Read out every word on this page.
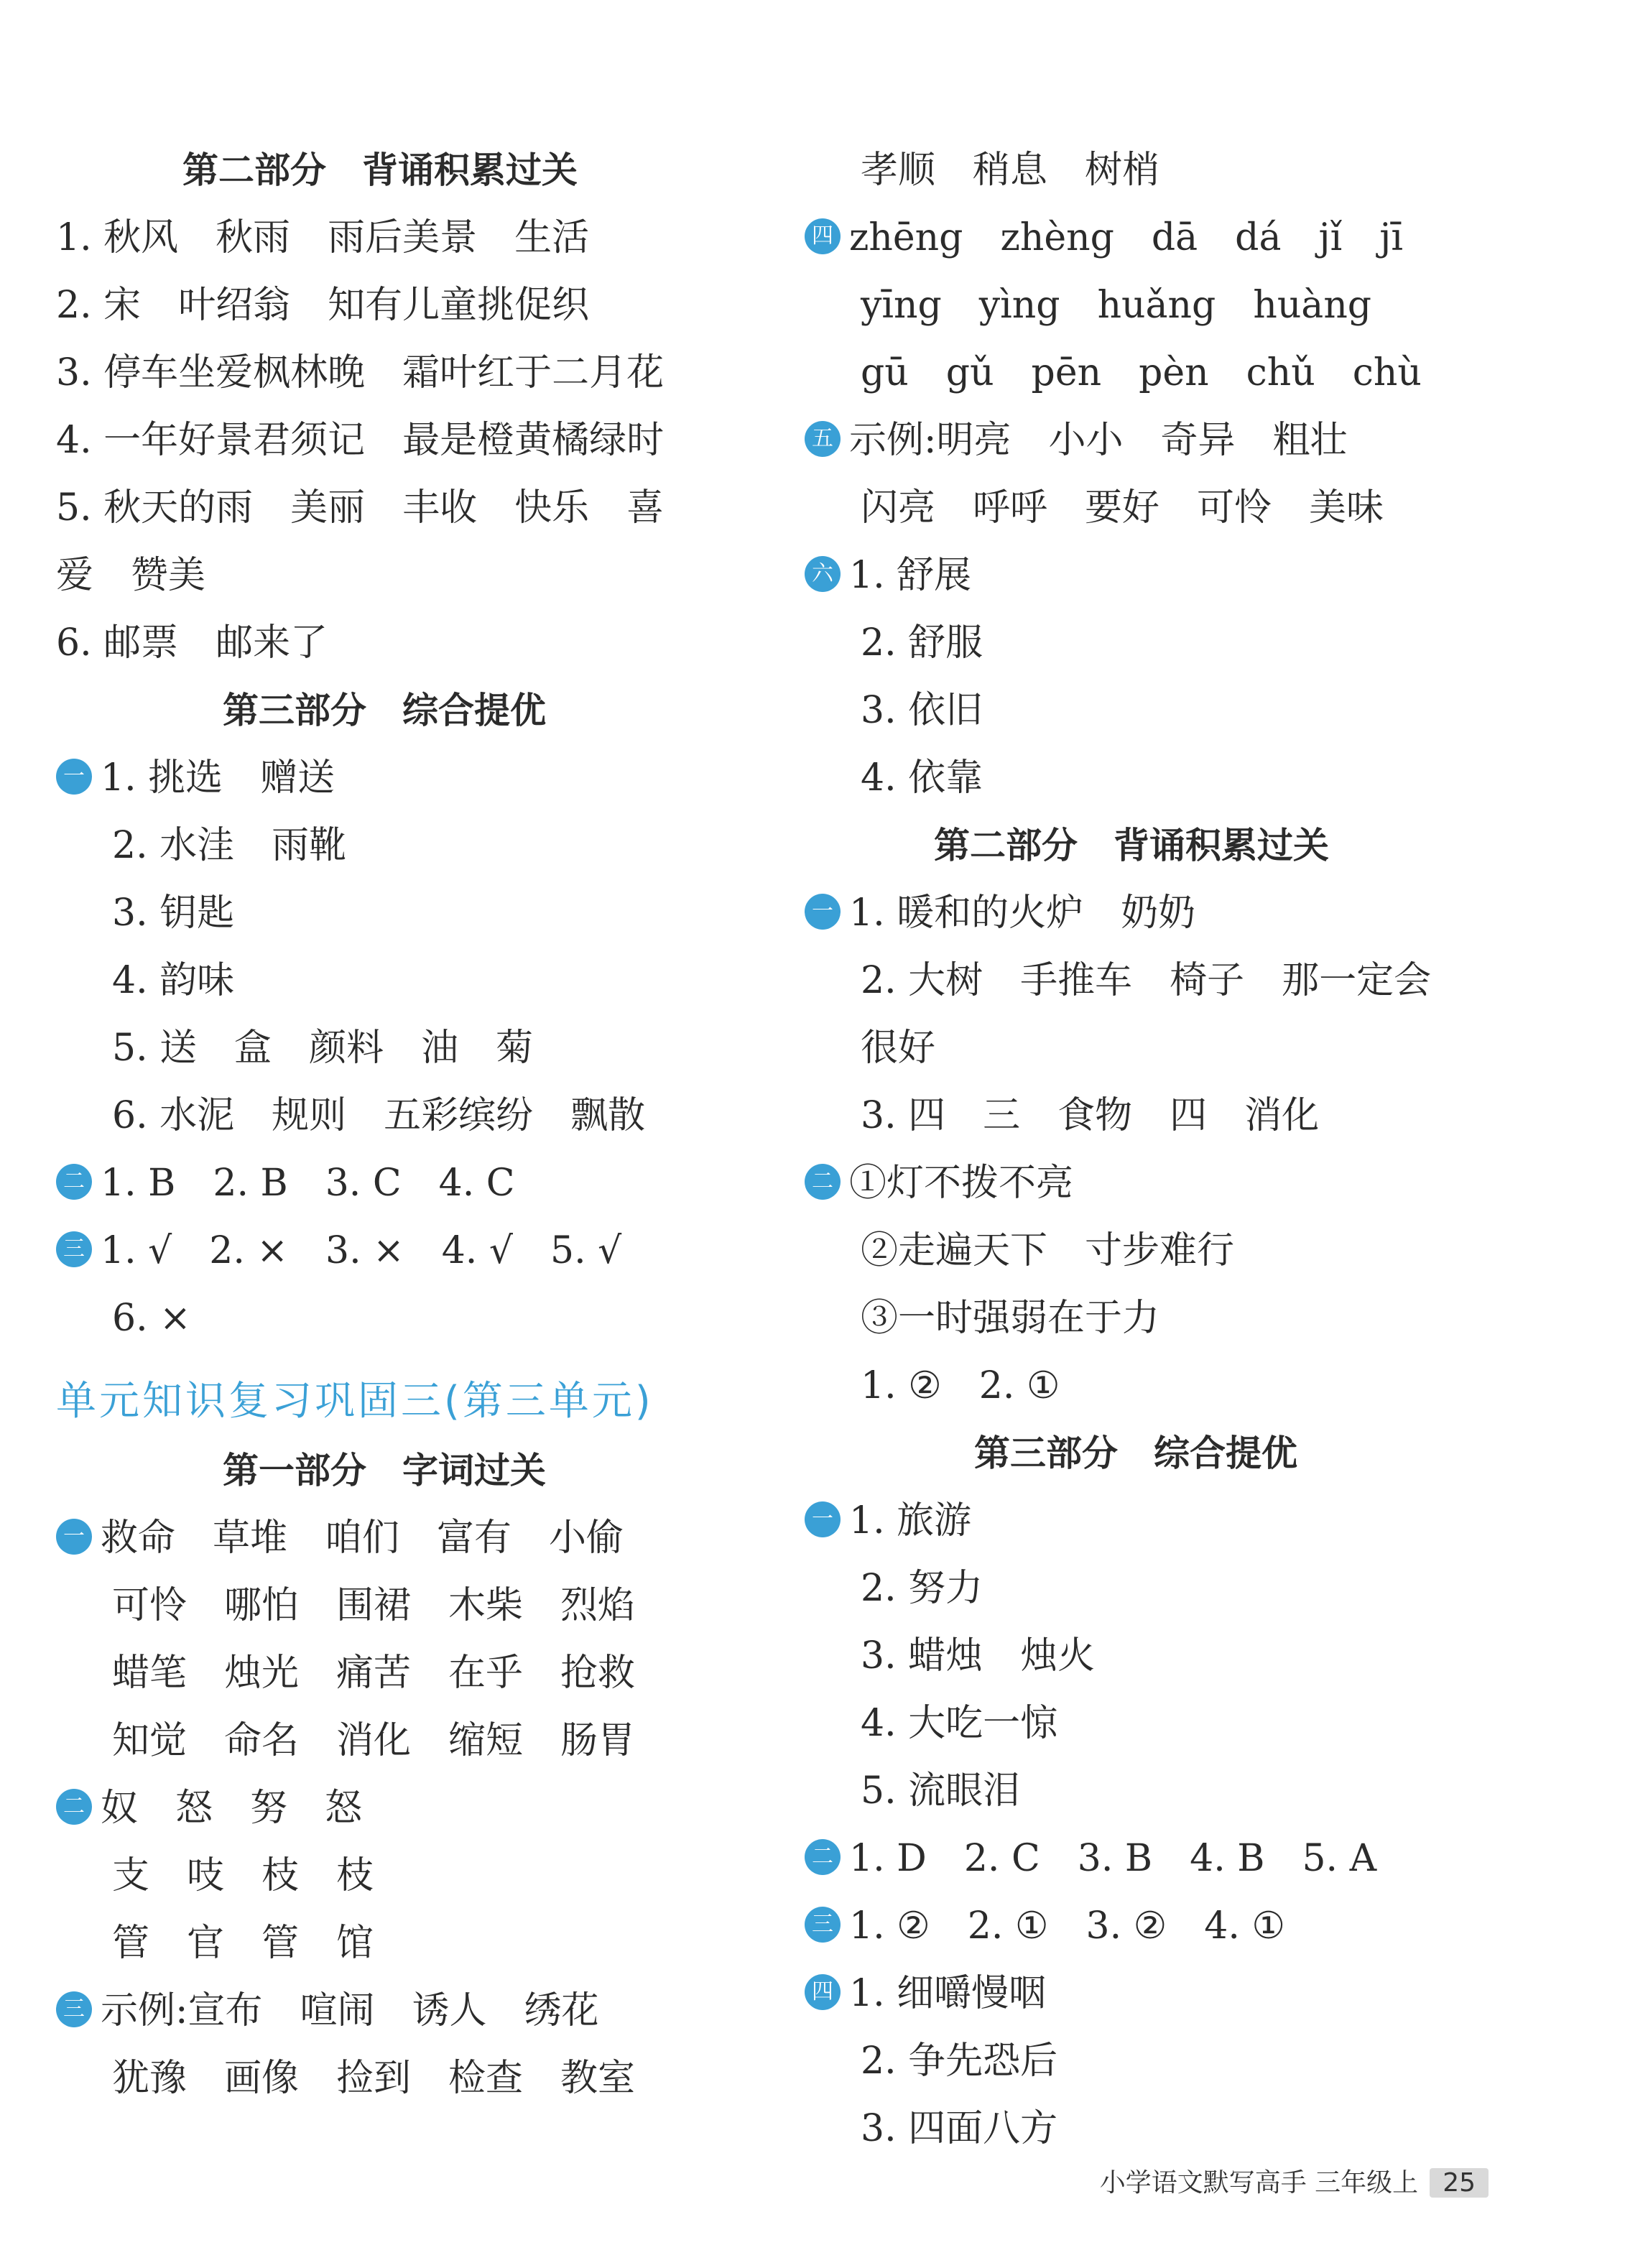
第二部分　背诵积累过关
1. 秋风　秋雨　雨后美景　生活
2. 宋　叶绍翁　知有儿童挑促织
3. 停车坐爱枫林晚　霜叶红于二月花
4. 一年好景君须记　最是橙黄橘绿时
5. 秋天的雨　美丽　丰收　快乐　喜
爱　赞美
6. 邮票　邮来了
第三部分　综合提优
一 1. 挑选　赠送
2. 水洼　雨靴
3. 钥匙
4. 韵味
5. 送　盒　颜料　油　菊
6. 水泥　规则　五彩缤纷　飘散
二 1. B　2. B　3. C　4. C
三 1. √　2. ×　3. ×　4. √　5. √
6. ×
单元知识复习巩固三(第三单元)
第一部分　字词过关
一 救命　草堆　咱们　富有　小偷
可怜　哪怕　围裙　木柴　烈焰
蜡笔　烛光　痛苦　在乎　抢救
知觉　命名　消化　缩短　肠胃
二 奴　怒　努　怒
支　吱　枝　枝
管　官　管　馆
三 示例:宣布　喧闹　诱人　绣花
犹豫　画像　捡到　检查　教室
孝顺　稍息　树梢
四 zhēng　zhèng　dā　dá　jǐ　jī
yīng　yìng　huǎng　huàng
gū　gǔ　pēn　pèn　chǔ　chù
五 示例:明亮　小小　奇异　粗壮
闪亮　呼呼　要好　可怜　美味
六 1. 舒展
2. 舒服
3. 依旧
4. 依靠
第二部分　背诵积累过关
一 1. 暖和的火炉　奶奶
2. 大树　手推车　椅子　那一定会
很好
3. 四　三　食物　四　消化
二 ①灯不拨不亮
②走遍天下　寸步难行
③一时强弱在于力
1. ②　2. ①
第三部分　综合提优
一 1. 旅游
2. 努力
3. 蜡烛　烛火
4. 大吃一惊
5. 流眼泪
二 1. D　2. C　3. B　4. B　5. A
三 1. ②　2. ①　3. ②　4. ①
四 1. 细嚼慢咽
2. 争先恐后
3. 四面八方
小学语文默写高手 三年级上 25
